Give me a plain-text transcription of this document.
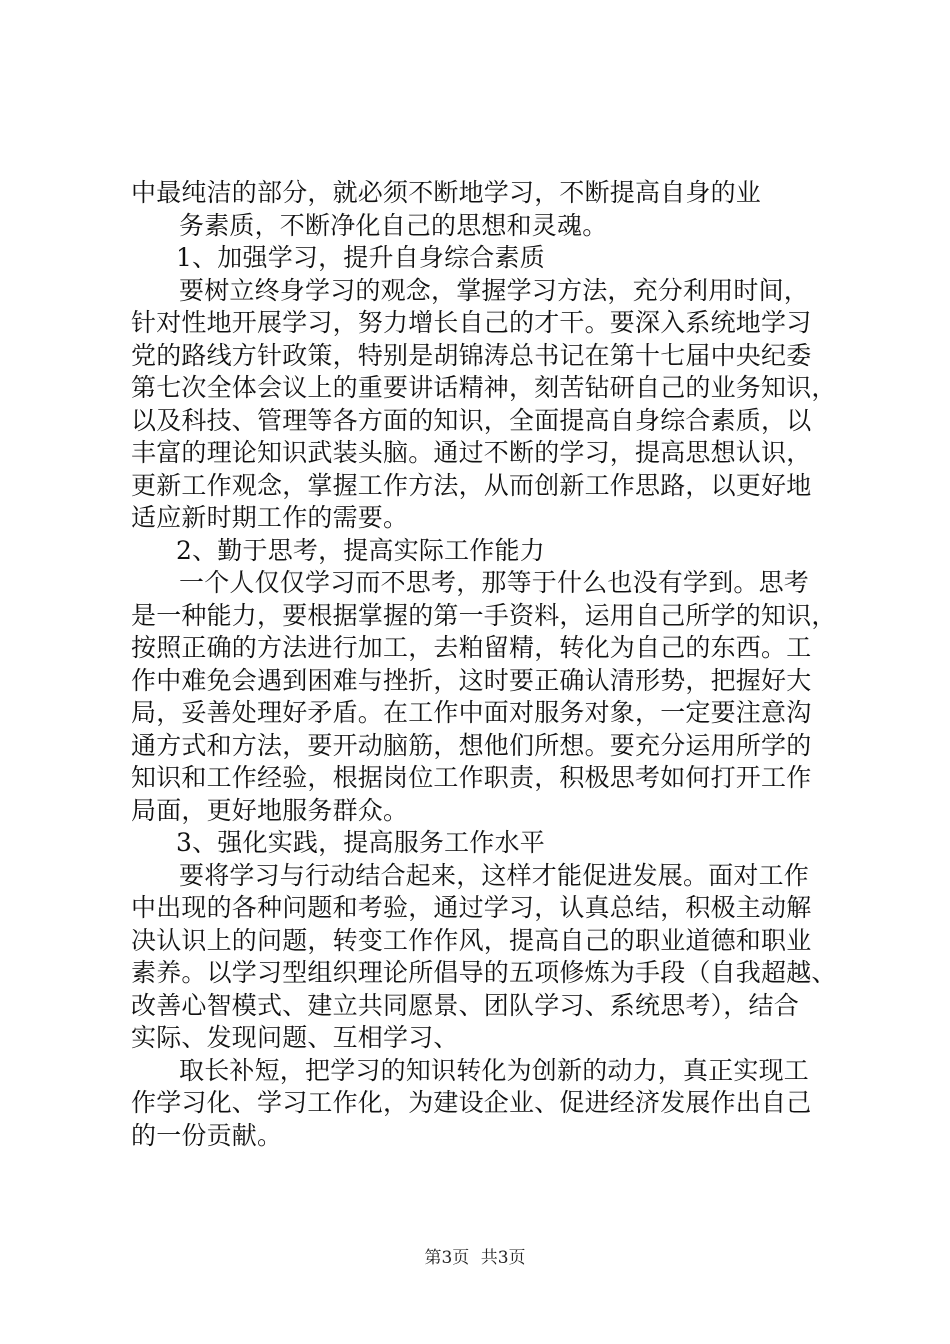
中最纯洁的部分，就必须不断地学习，不断提高自身的业
务素质，不断净化自己的思想和灵魂。
1、加强学习，提升自身综合素质
要树立终身学习的观念，掌握学习方法，充分利用时间，
针对性地开展学习，努力增长自己的才干。要深入系统地学习
党的路线方针政策，特别是胡锦涛总书记在第十七届中央纪委
第七次全体会议上的重要讲话精神，刻苦钻研自己的业务知识，
以及科技、管理等各方面的知识，全面提高自身综合素质，以
丰富的理论知识武装头脑。通过不断的学习，提高思想认识，
更新工作观念，掌握工作方法，从而创新工作思路，以更好地
适应新时期工作的需要。
2、勤于思考，提高实际工作能力
一个人仅仅学习而不思考，那等于什么也没有学到。思考
是一种能力，要根据掌握的第一手资料，运用自己所学的知识，
按照正确的方法进行加工，去粕留精，转化为自己的东西。工
作中难免会遇到困难与挫折，这时要正确认清形势，把握好大
局，妥善处理好矛盾。在工作中面对服务对象，一定要注意沟
通方式和方法，要开动脑筋，想他们所想。要充分运用所学的
知识和工作经验，根据岗位工作职责，积极思考如何打开工作
局面，更好地服务群众。
3、强化实践，提高服务工作水平
要将学习与行动结合起来，这样才能促进发展。面对工作
中出现的各种问题和考验，通过学习，认真总结，积极主动解
决认识上的问题，转变工作作风，提高自己的职业道德和职业
素养。以学习型组织理论所倡导的五项修炼为手段（自我超越、
改善心智模式、建立共同愿景、团队学习、系统思考），结合
实际、发现问题、互相学习、
取长补短，把学习的知识转化为创新的动力，真正实现工
作学习化、学习工作化，为建设企业、促进经济发展作出自己
的一份贡献。
第3页 共3页
